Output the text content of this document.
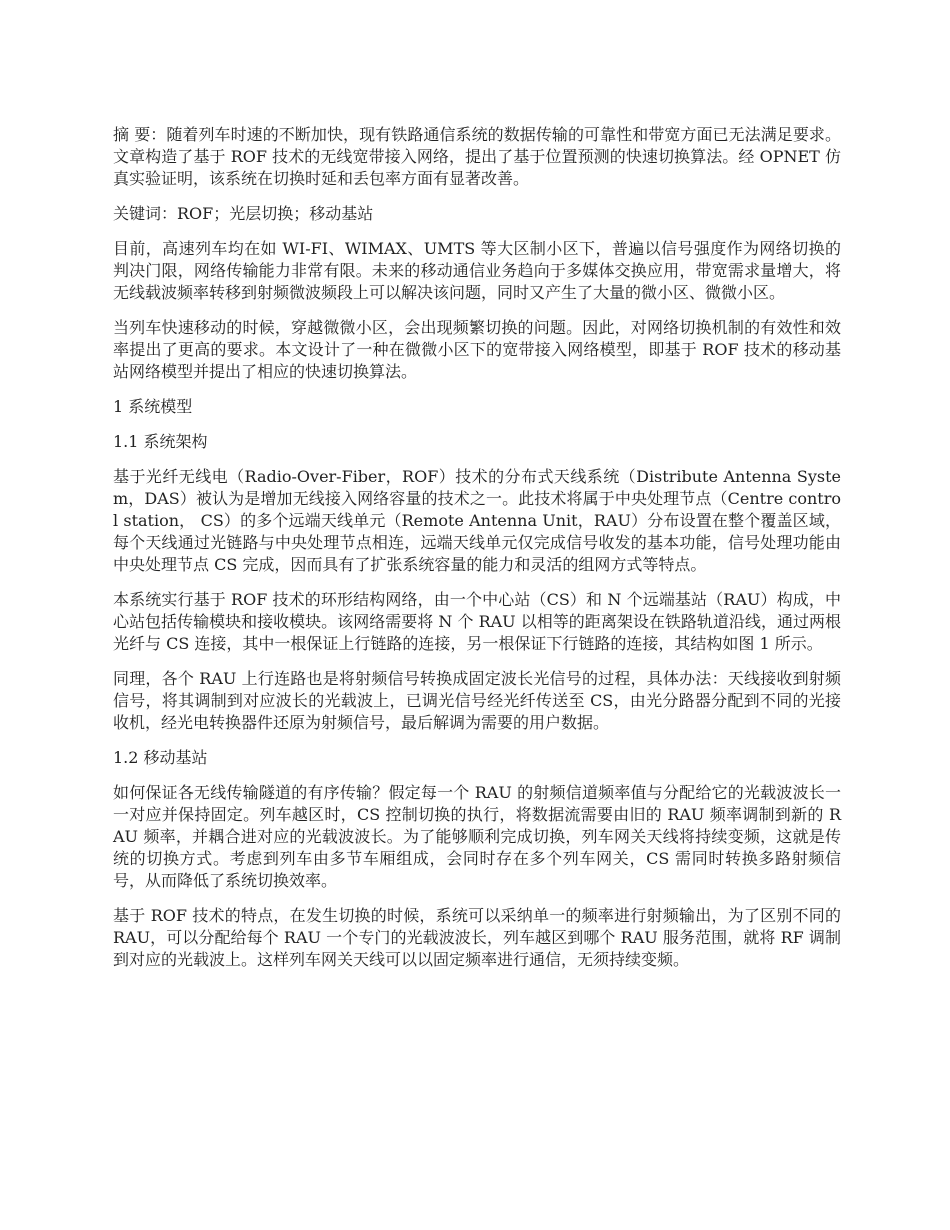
摘 要：随着列车时速的不断加快，现有铁路通信系统的数据传输的可靠性和带宽方面已无法满足要求。文章构造了基于 ROF 技术的无线宽带接入网络，提出了基于位置预测的快速切换算法。经 OPNET 仿真实验证明，该系统在切换时延和丢包率方面有显著改善。

关键词：ROF；光层切换；移动基站

目前，高速列车均在如 WI-FI、WIMAX、UMTS 等大区制小区下，普遍以信号强度作为网络切换的判决门限，网络传输能力非常有限。未来的移动通信业务趋向于多媒体交换应用，带宽需求量增大，将无线载波频率转移到射频微波频段上可以解决该问题，同时又产生了大量的微小区、微微小区。

当列车快速移动的时候，穿越微微小区，会出现频繁切换的问题。因此，对网络切换机制的有效性和效率提出了更高的要求。本文设计了一种在微微小区下的宽带接入网络模型，即基于 ROF 技术的移动基站网络模型并提出了相应的快速切换算法。

1 系统模型
1.1 系统架构

基于光纤无线电（Radio-Over-Fiber，ROF）技术的分布式天线系统（Distribute Antenna System，DAS）被认为是增加无线接入网络容量的技术之一。此技术将属于中央处理节点（Centre control station， CS）的多个远端天线单元（Remote Antenna Unit，RAU）分布设置在整个覆盖区域，每个天线通过光链路与中央处理节点相连，远端天线单元仅完成信号收发的基本功能，信号处理功能由中央处理节点 CS 完成，因而具有了扩张系统容量的能力和灵活的组网方式等特点。

本系统实行基于 ROF 技术的环形结构网络，由一个中心站（CS）和 N 个远端基站（RAU）构成，中心站包括传输模块和接收模块。该网络需要将 N 个 RAU 以相等的距离架设在铁路轨道沿线，通过两根光纤与 CS 连接，其中一根保证上行链路的连接，另一根保证下行链路的连接，其结构如图 1 所示。

同理，各个 RAU 上行连路也是将射频信号转换成固定波长光信号的过程，具体办法：天线接收到射频信号，将其调制到对应波长的光载波上，已调光信号经光纤传送至 CS，由光分路器分配到不同的光接收机，经光电转换器件还原为射频信号，最后解调为需要的用户数据。

1.2 移动基站

如何保证各无线传输隧道的有序传输？假定每一个 RAU 的射频信道频率值与分配给它的光载波波长一一对应并保持固定。列车越区时，CS 控制切换的执行，将数据流需要由旧的 RAU 频率调制到新的 RAU 频率，并耦合进对应的光载波波长。为了能够顺利完成切换，列车网关天线将持续变频，这就是传统的切换方式。考虑到列车由多节车厢组成，会同时存在多个列车网关，CS 需同时转换多路射频信号，从而降低了系统切换效率。

基于 ROF 技术的特点，在发生切换的时候，系统可以采纳单一的频率进行射频输出，为了区别不同的 RAU，可以分配给每个 RAU 一个专门的光载波波长，列车越区到哪个 RAU 服务范围，就将 RF 调制到对应的光载波上。这样列车网关天线可以以固定频率进行通信，无须持续变频。
